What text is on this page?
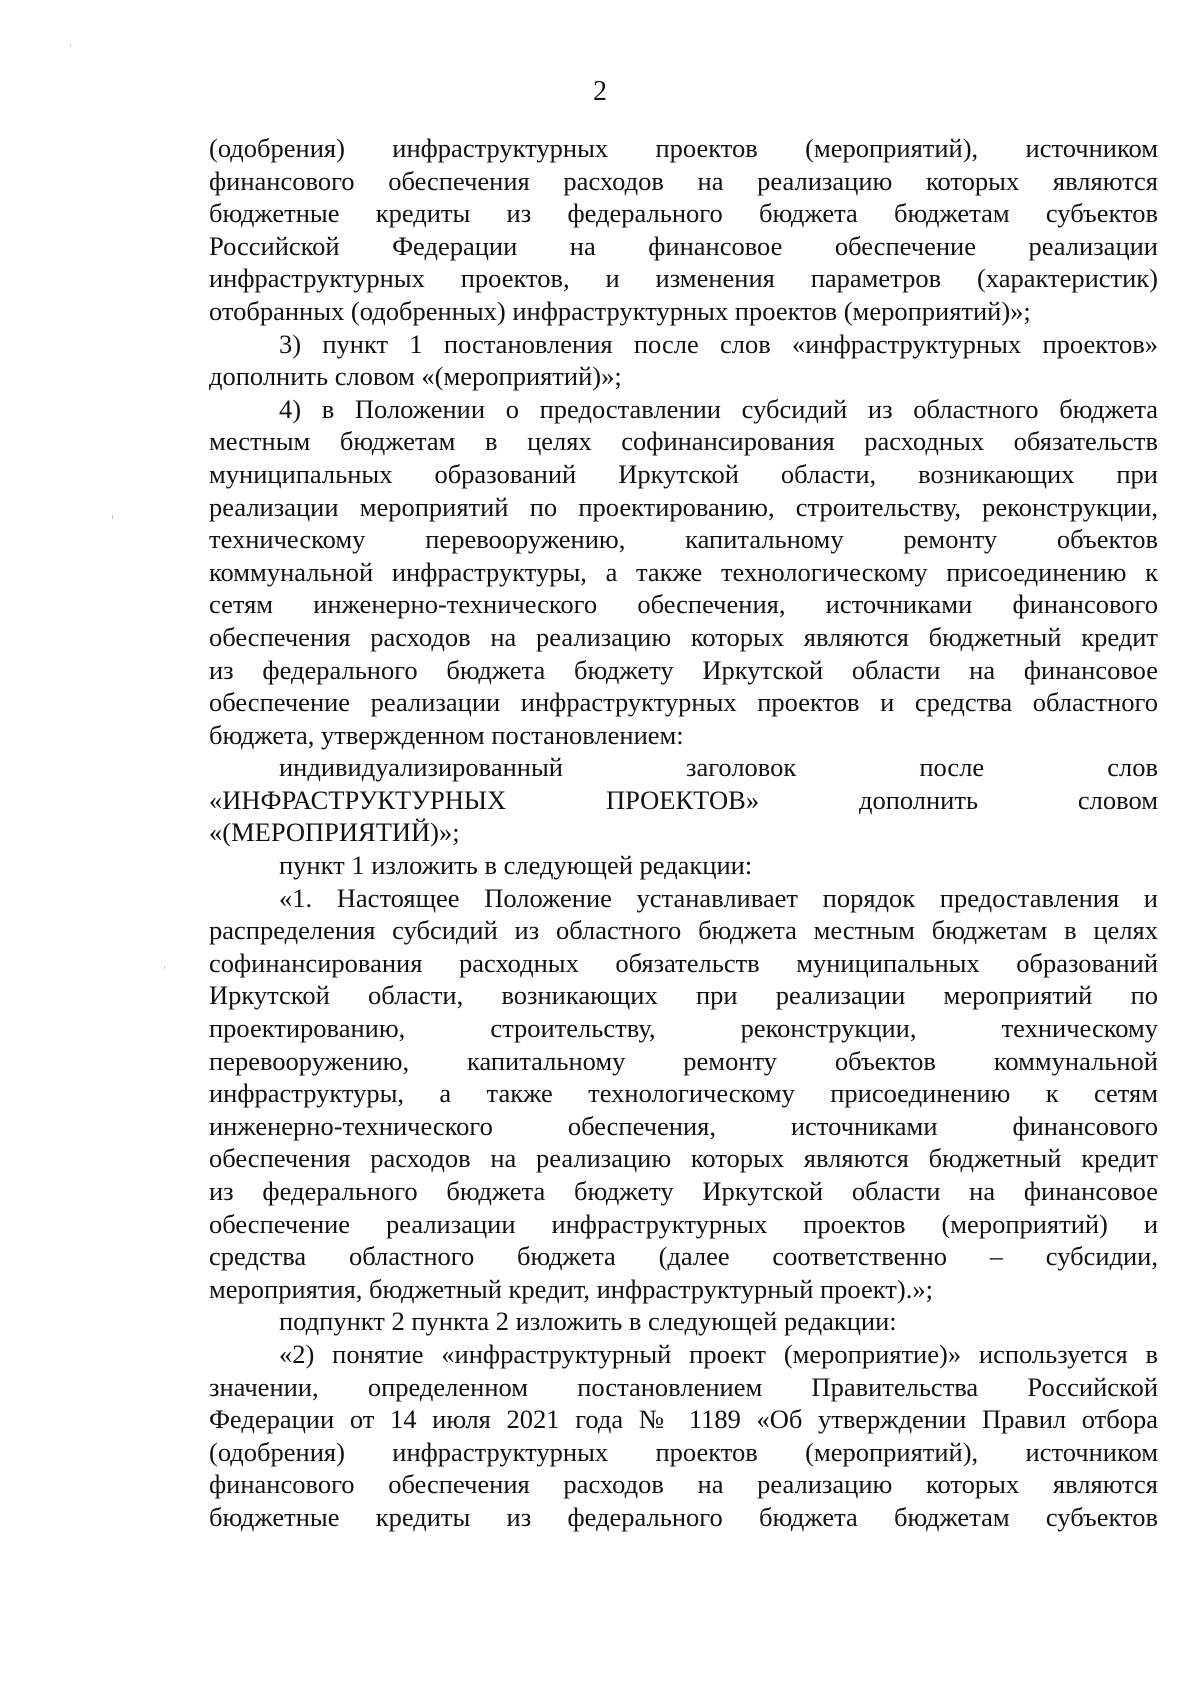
2
(одобрения) инфраструктурных проектов (мероприятий), источником
финансового обеспечения расходов на реализацию которых являются
бюджетные кредиты из федерального бюджета бюджетам субъектов
Российской Федерации на финансовое обеспечение реализации
инфраструктурных проектов, и изменения параметров (характеристик)
отобранных (одобренных) инфраструктурных проектов (мероприятий)»;
3) пункт 1 постановления после слов «инфраструктурных проектов»
дополнить словом «(мероприятий)»;
4) в Положении о предоставлении субсидий из областного бюджета
местным бюджетам в целях софинансирования расходных обязательств
муниципальных образований Иркутской области, возникающих при
реализации мероприятий по проектированию, строительству, реконструкции,
техническому перевооружению, капитальному ремонту объектов
коммунальной инфраструктуры, а также технологическому присоединению к
сетям инженерно-технического обеспечения, источниками финансового
обеспечения расходов на реализацию которых являются бюджетный кредит
из федерального бюджета бюджету Иркутской области на финансовое
обеспечение реализации инфраструктурных проектов и средства областного
бюджета, утвержденном постановлением:
индивидуализированный заголовок после слов
«ИНФРАСТРУКТУРНЫХ ПРОЕКТОВ» дополнить словом
«(МЕРОПРИЯТИЙ)»;
пункт 1 изложить в следующей редакции:
«1. Настоящее Положение устанавливает порядок предоставления и
распределения субсидий из областного бюджета местным бюджетам в целях
софинансирования расходных обязательств муниципальных образований
Иркутской области, возникающих при реализации мероприятий по
проектированию, строительству, реконструкции, техническому
перевооружению, капитальному ремонту объектов коммунальной
инфраструктуры, а также технологическому присоединению к сетям
инженерно-технического обеспечения, источниками финансового
обеспечения расходов на реализацию которых являются бюджетный кредит
из федерального бюджета бюджету Иркутской области на финансовое
обеспечение реализации инфраструктурных проектов (мероприятий) и
средства областного бюджета (далее соответственно – субсидии,
мероприятия, бюджетный кредит, инфраструктурный проект).»;
подпункт 2 пункта 2 изложить в следующей редакции:
«2) понятие «инфраструктурный проект (мероприятие)» используется в
значении, определенном постановлением Правительства Российской
Федерации от 14 июля 2021 года № 1189 «Об утверждении Правил отбора
(одобрения) инфраструктурных проектов (мероприятий), источником
финансового обеспечения расходов на реализацию которых являются
бюджетные кредиты из федерального бюджета бюджетам субъектов
